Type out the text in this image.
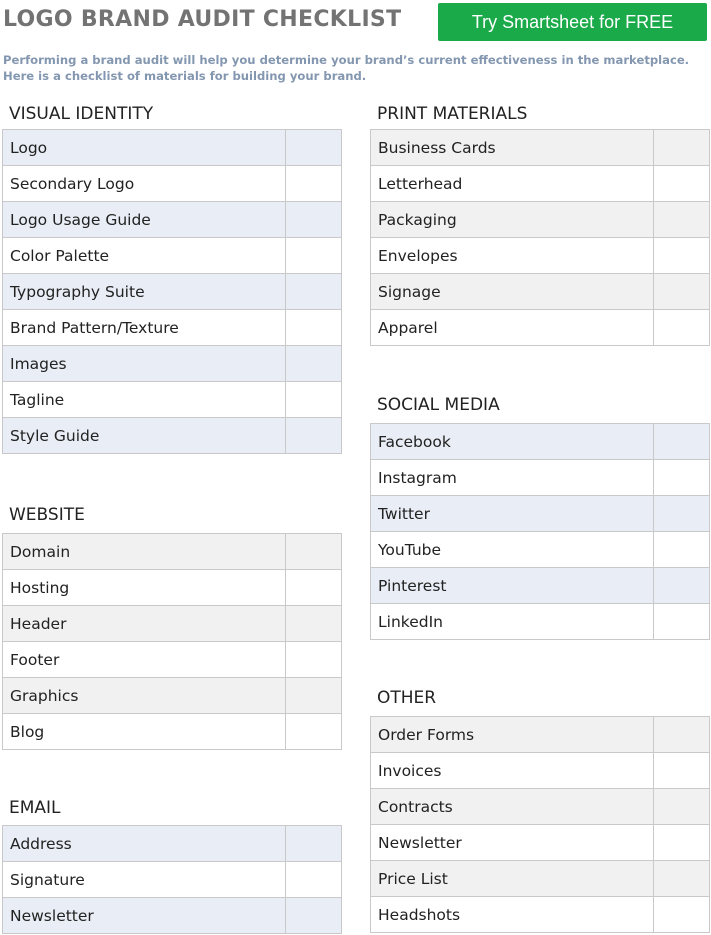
LOGO BRAND AUDIT CHECKLIST	Try Smartsheet for FREE
Performing a brand audit will help you determine your brand’s current effectiveness in the marketplace. Here is a checklist of materials for building your brand.
VISUAL IDENTITY
Logo	
Secondary Logo	
Logo Usage Guide	
Color Palette	
Typography Suite	
Brand Pattern/Texture	
Images	
Tagline	
Style Guide	
WEBSITE
Domain	
Hosting	
Header	
Footer	
Graphics	
Blog	
EMAIL
Address	
Signature	
Newsletter	
PRINT MATERIALS
Business Cards	
Letterhead	
Packaging	
Envelopes	
Signage	
Apparel	
SOCIAL MEDIA
Facebook	
Instagram	
Twitter	
YouTube	
Pinterest	
LinkedIn	
OTHER
Order Forms	
Invoices	
Contracts	
Newsletter	
Price List	
Headshots	
